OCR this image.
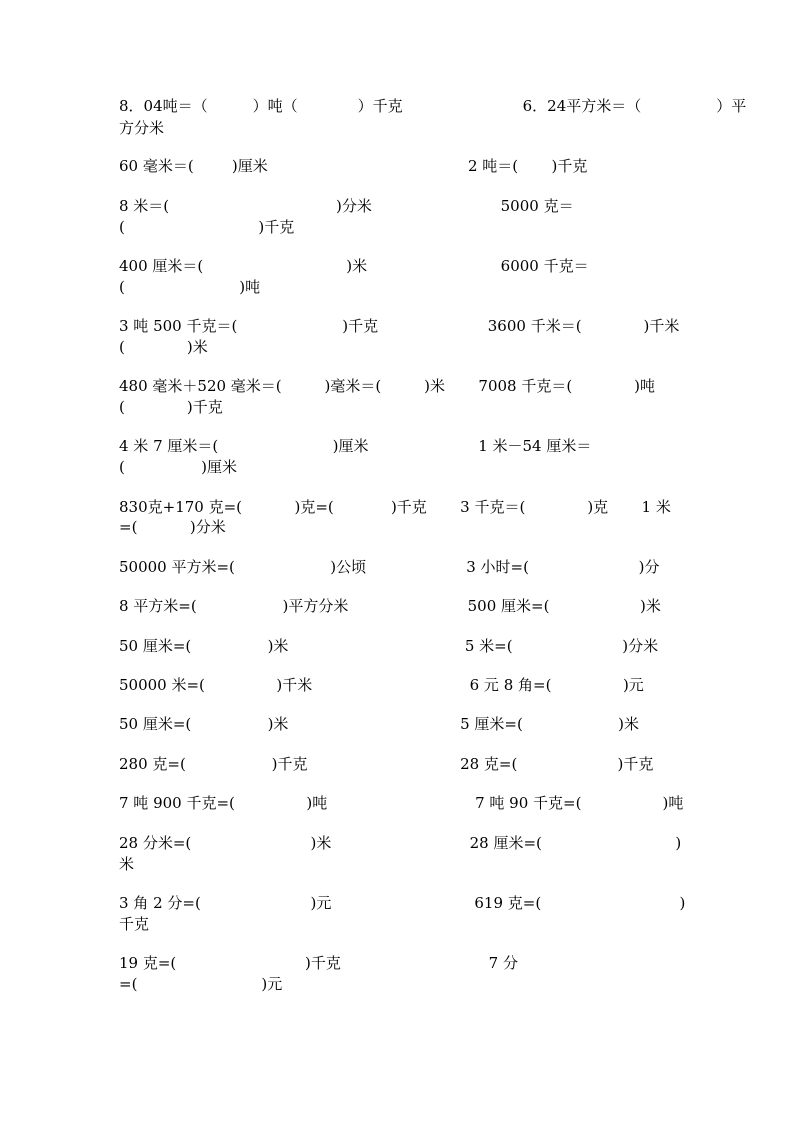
8．04吨＝（　　　）吨（　　　　）千克　　　　　　　　6．24平方米＝（　　　　　）平
方分米
60 毫米＝(        )厘米                                          2 吨＝(       )千克
8 米＝(                                   )分米                           5000 克＝
(                            )千克
400 厘米＝(                              )米                            6000 千克＝
(                        )吨
3 吨 500 千克＝(                      )千克                       3600 千米＝(             )千米
(             )米
480 毫米＋520 毫米＝(         )毫米＝(         )米       7008 千克＝(             )吨
(             )千克
4 米 7 厘米＝(                        )厘米                       1 米－54 厘米＝
(                )厘米
830克+170 克=(           )克=(            )千克       3 千克＝(             )克       1 米
=(           )分米
50000 平方米=(                    )公顷                     3 小时=(                       )分
8 平方米=(                  )平方分米                         500 厘米=(                   )米
50 厘米=(                )米                                     5 米=(                       )分米
50000 米=(               )千米                                 6 元 8 角=(               )元
50 厘米=(                )米                                    5 厘米=(                    )米
280 克=(                  )千克                                28 克=(                     )千克
7 吨 900 千克=(               )吨                               7 吨 90 千克=(                 )吨
28 分米=(                         )米                             28 厘米=(                            )
米
3 角 2 分=(                       )元                              619 克=(                             )
千克
19 克=(                           )千克                               7 分
=(                          )元
